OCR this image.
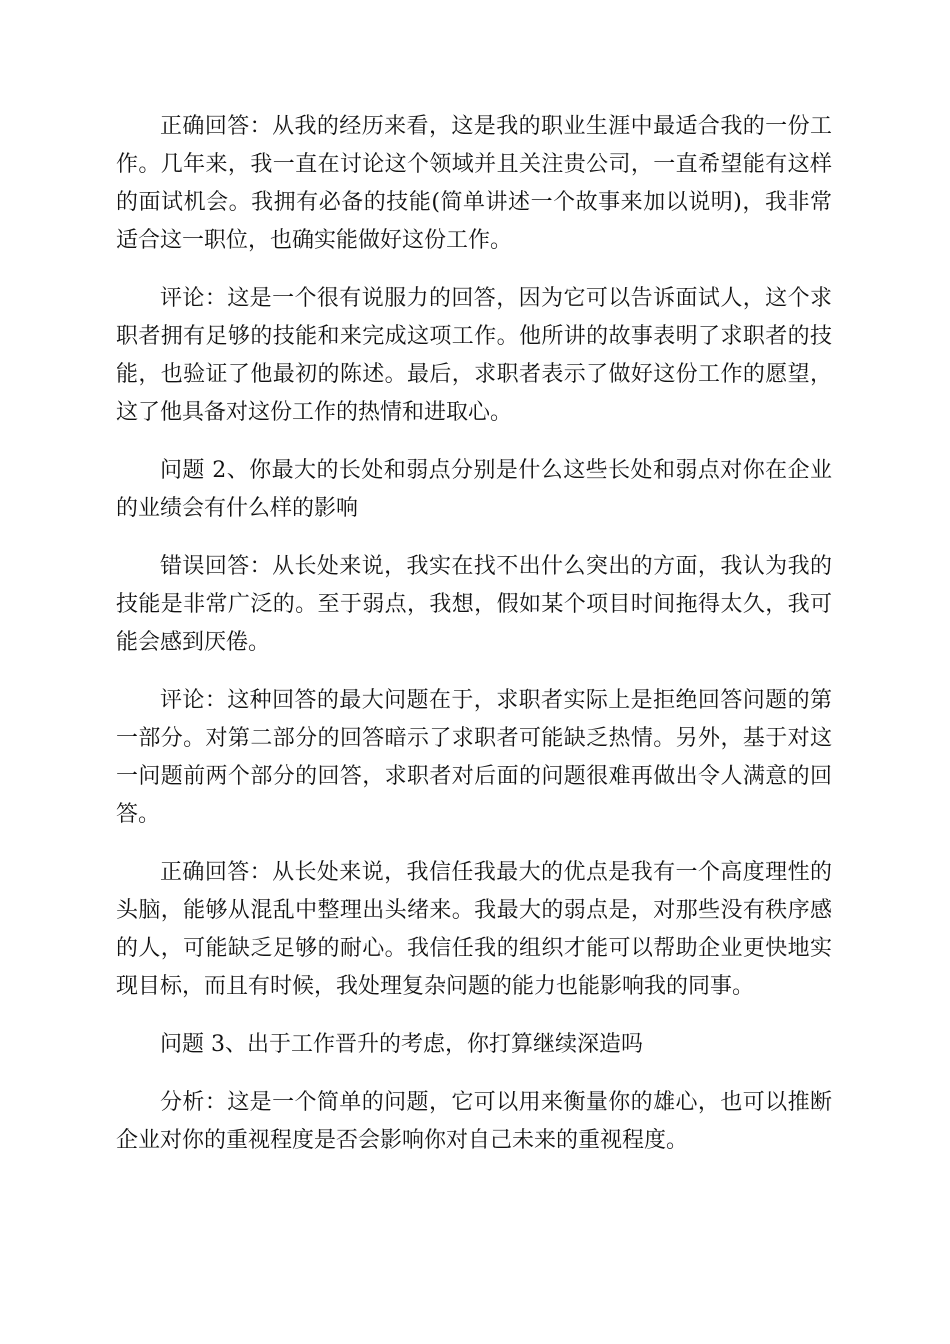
正确回答：从我的经历来看，这是我的职业生涯中最适合我的一份工作。几年来，我一直在讨论这个领域并且关注贵公司，一直希望能有这样的面试机会。我拥有必备的技能(简单讲述一个故事来加以说明)，我非常适合这一职位，也确实能做好这份工作。

评论：这是一个很有说服力的回答，因为它可以告诉面试人，这个求职者拥有足够的技能和来完成这项工作。他所讲的故事表明了求职者的技能，也验证了他最初的陈述。最后，求职者表示了做好这份工作的愿望，这了他具备对这份工作的热情和进取心。

问题 2、你最大的长处和弱点分别是什么这些长处和弱点对你在企业的业绩会有什么样的影响

错误回答：从长处来说，我实在找不出什么突出的方面，我认为我的技能是非常广泛的。至于弱点，我想，假如某个项目时间拖得太久，我可能会感到厌倦。

评论：这种回答的最大问题在于，求职者实际上是拒绝回答问题的第一部分。对第二部分的回答暗示了求职者可能缺乏热情。另外，基于对这一问题前两个部分的回答，求职者对后面的问题很难再做出令人满意的回答。

正确回答：从长处来说，我信任我最大的优点是我有一个高度理性的头脑，能够从混乱中整理出头绪来。我最大的弱点是，对那些没有秩序感的人，可能缺乏足够的耐心。我信任我的组织才能可以帮助企业更快地实现目标，而且有时候，我处理复杂问题的能力也能影响我的同事。

问题 3、出于工作晋升的考虑，你打算继续深造吗

分析：这是一个简单的问题，它可以用来衡量你的雄心，也可以推断企业对你的重视程度是否会影响你对自己未来的重视程度。
